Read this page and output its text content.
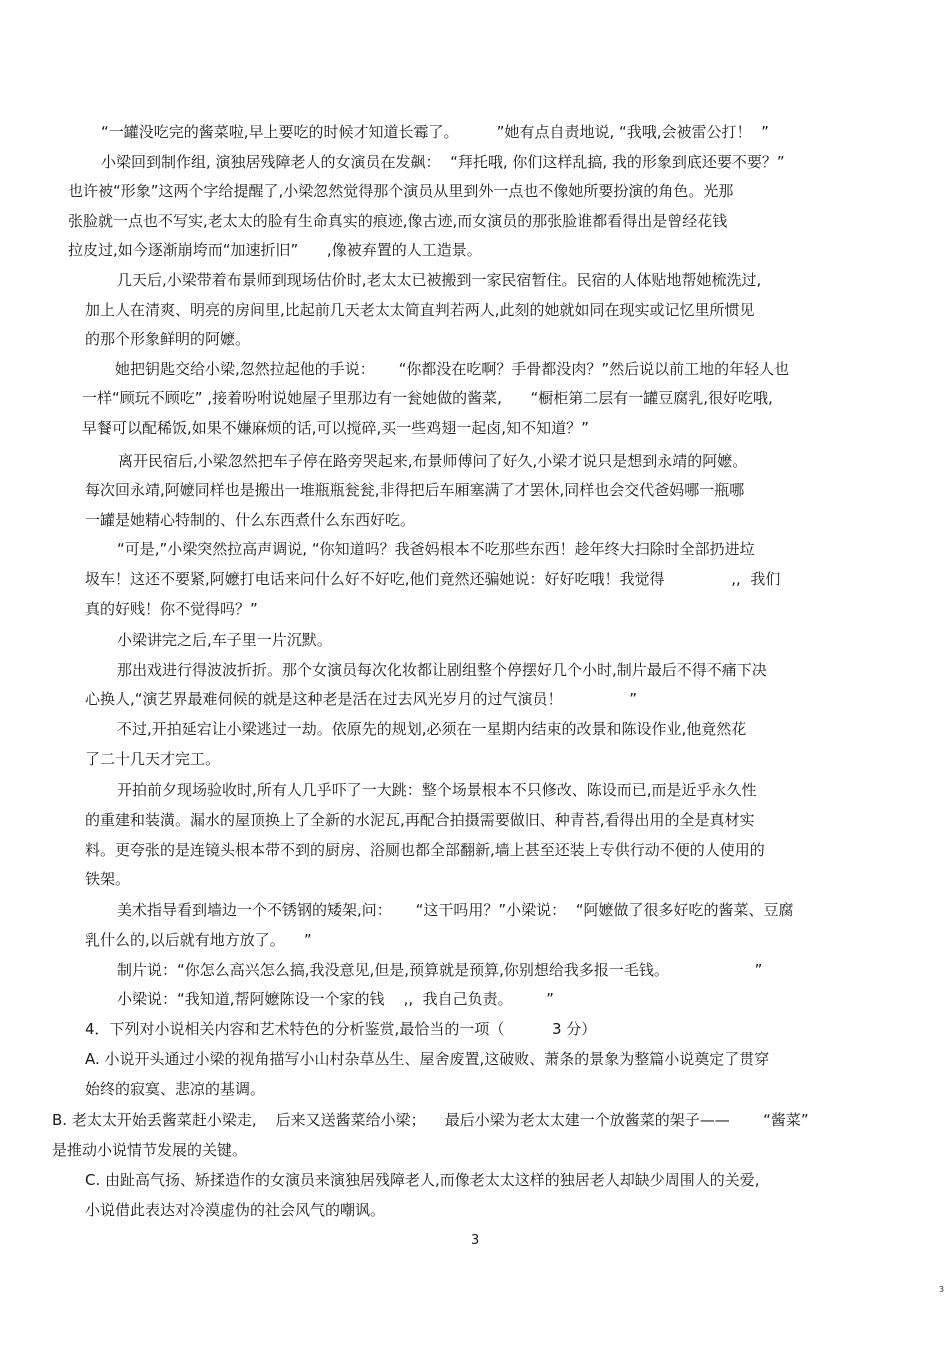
“一罐没吃完的酱菜啦,早上要吃的时候才知道长霉了。        ”她有点自责地说, “我哦,会被雷公打！  ”
小梁回到制作组, 演独居残障老人的女演员在发飙：  “拜托哦, 你们这样乱搞, 我的形象到底还要不要？”
也许被“形象”这两个字给提醒了,小梁忽然觉得那个演员从里到外一点也不像她所要扮演的角色。光那
张脸就一点也不写实,老太太的脸有生命真实的痕迹,像古迹,而女演员的那张脸谁都看得出是曾经花钱
拉皮过,如今逐渐崩垮而“加速折旧”      ,像被弃置的人工造景。
几天后,小梁带着布景师到现场估价时,老太太已被搬到一家民宿暂住。民宿的人体贴地帮她梳洗过,
加上人在清爽、明亮的房间里,比起前几天老太太简直判若两人,此刻的她就如同在现实或记忆里所惯见
的那个形象鲜明的阿嬷。
她把钥匙交给小梁,忽然拉起他的手说：     “你都没在吃啊？手骨都没肉？”然后说以前工地的年轻人也
一样“顾玩不顾吃” ,接着吩咐说她屋子里那边有一瓮她做的酱菜,      “橱柜第二层有一罐豆腐乳,很好吃哦,
早餐可以配稀饭,如果不嫌麻烦的话,可以搅碎,买一些鸡翅一起卤,知不知道？”
离开民宿后,小梁忽然把车子停在路旁哭起来,布景师傅问了好久,小梁才说只是想到永靖的阿嬷。
每次回永靖,阿嬷同样也是搬出一堆瓶瓶瓮瓮,非得把后车厢塞满了才罢休,同样也会交代爸妈哪一瓶哪
一罐是她精心特制的、什么东西煮什么东西好吃。
“可是,”小梁突然拉高声调说, “你知道吗？我爸妈根本不吃那些东西！趁年终大扫除时全部扔进垃
圾车！这还不要紧,阿嬷打电话来问什么好不好吃,他们竟然还骗她说：好好吃哦！我觉得              ,,  我们
真的好贱！你不觉得吗？”
小梁讲完之后,车子里一片沉默。
那出戏进行得波波折折。那个女演员每次化妆都让剧组整个停摆好几个小时,制片最后不得不痛下决
心换人,“演艺界最难伺候的就是这种老是活在过去风光岁月的过气演员！              ”
不过,开拍延宕让小梁逃过一劫。依原先的规划,必须在一星期内结束的改景和陈设作业,他竟然花
了二十几天才完工。
开拍前夕现场验收时,所有人几乎吓了一大跳：整个场景根本不只修改、陈设而已,而是近乎永久性
的重建和装潢。漏水的屋顶换上了全新的水泥瓦,再配合拍摄需要做旧、种青苔,看得出用的全是真材实
料。更夸张的是连镜头根本带不到的厨房、浴厕也都全部翻新,墙上甚至还装上专供行动不便的人使用的
铁架。
美术指导看到墙边一个不锈钢的矮架,问：     “这干吗用？”小梁说：  “阿嬷做了很多好吃的酱菜、豆腐
乳什么的,以后就有地方放了。    ”
制片说：“你怎么高兴怎么搞,我没意见,但是,预算就是预算,你别想给我多报一毛钱。                  ”
小梁说：“我知道,帮阿嬷陈设一个家的钱    ,,  我自己负责。       ”
4．下列对小说相关内容和艺术特色的分析鉴赏,最恰当的一项（          3 分）
A. 小说开头通过小梁的视角描写小山村杂草丛生、屋舍废置,这破败、萧条的景象为整篇小说奠定了贯穿
始终的寂寞、悲凉的基调。
B. 老太太开始丢酱菜赶小梁走,    后来又送酱菜给小梁；    最后小梁为老太太建一个放酱菜的架子——       “酱菜”
是推动小说情节发展的关键。
C. 由趾高气扬、矫揉造作的女演员来演独居残障老人,而像老太太这样的独居老人却缺少周围人的关爱,
小说借此表达对冷漠虚伪的社会风气的嘲讽。
3
3
